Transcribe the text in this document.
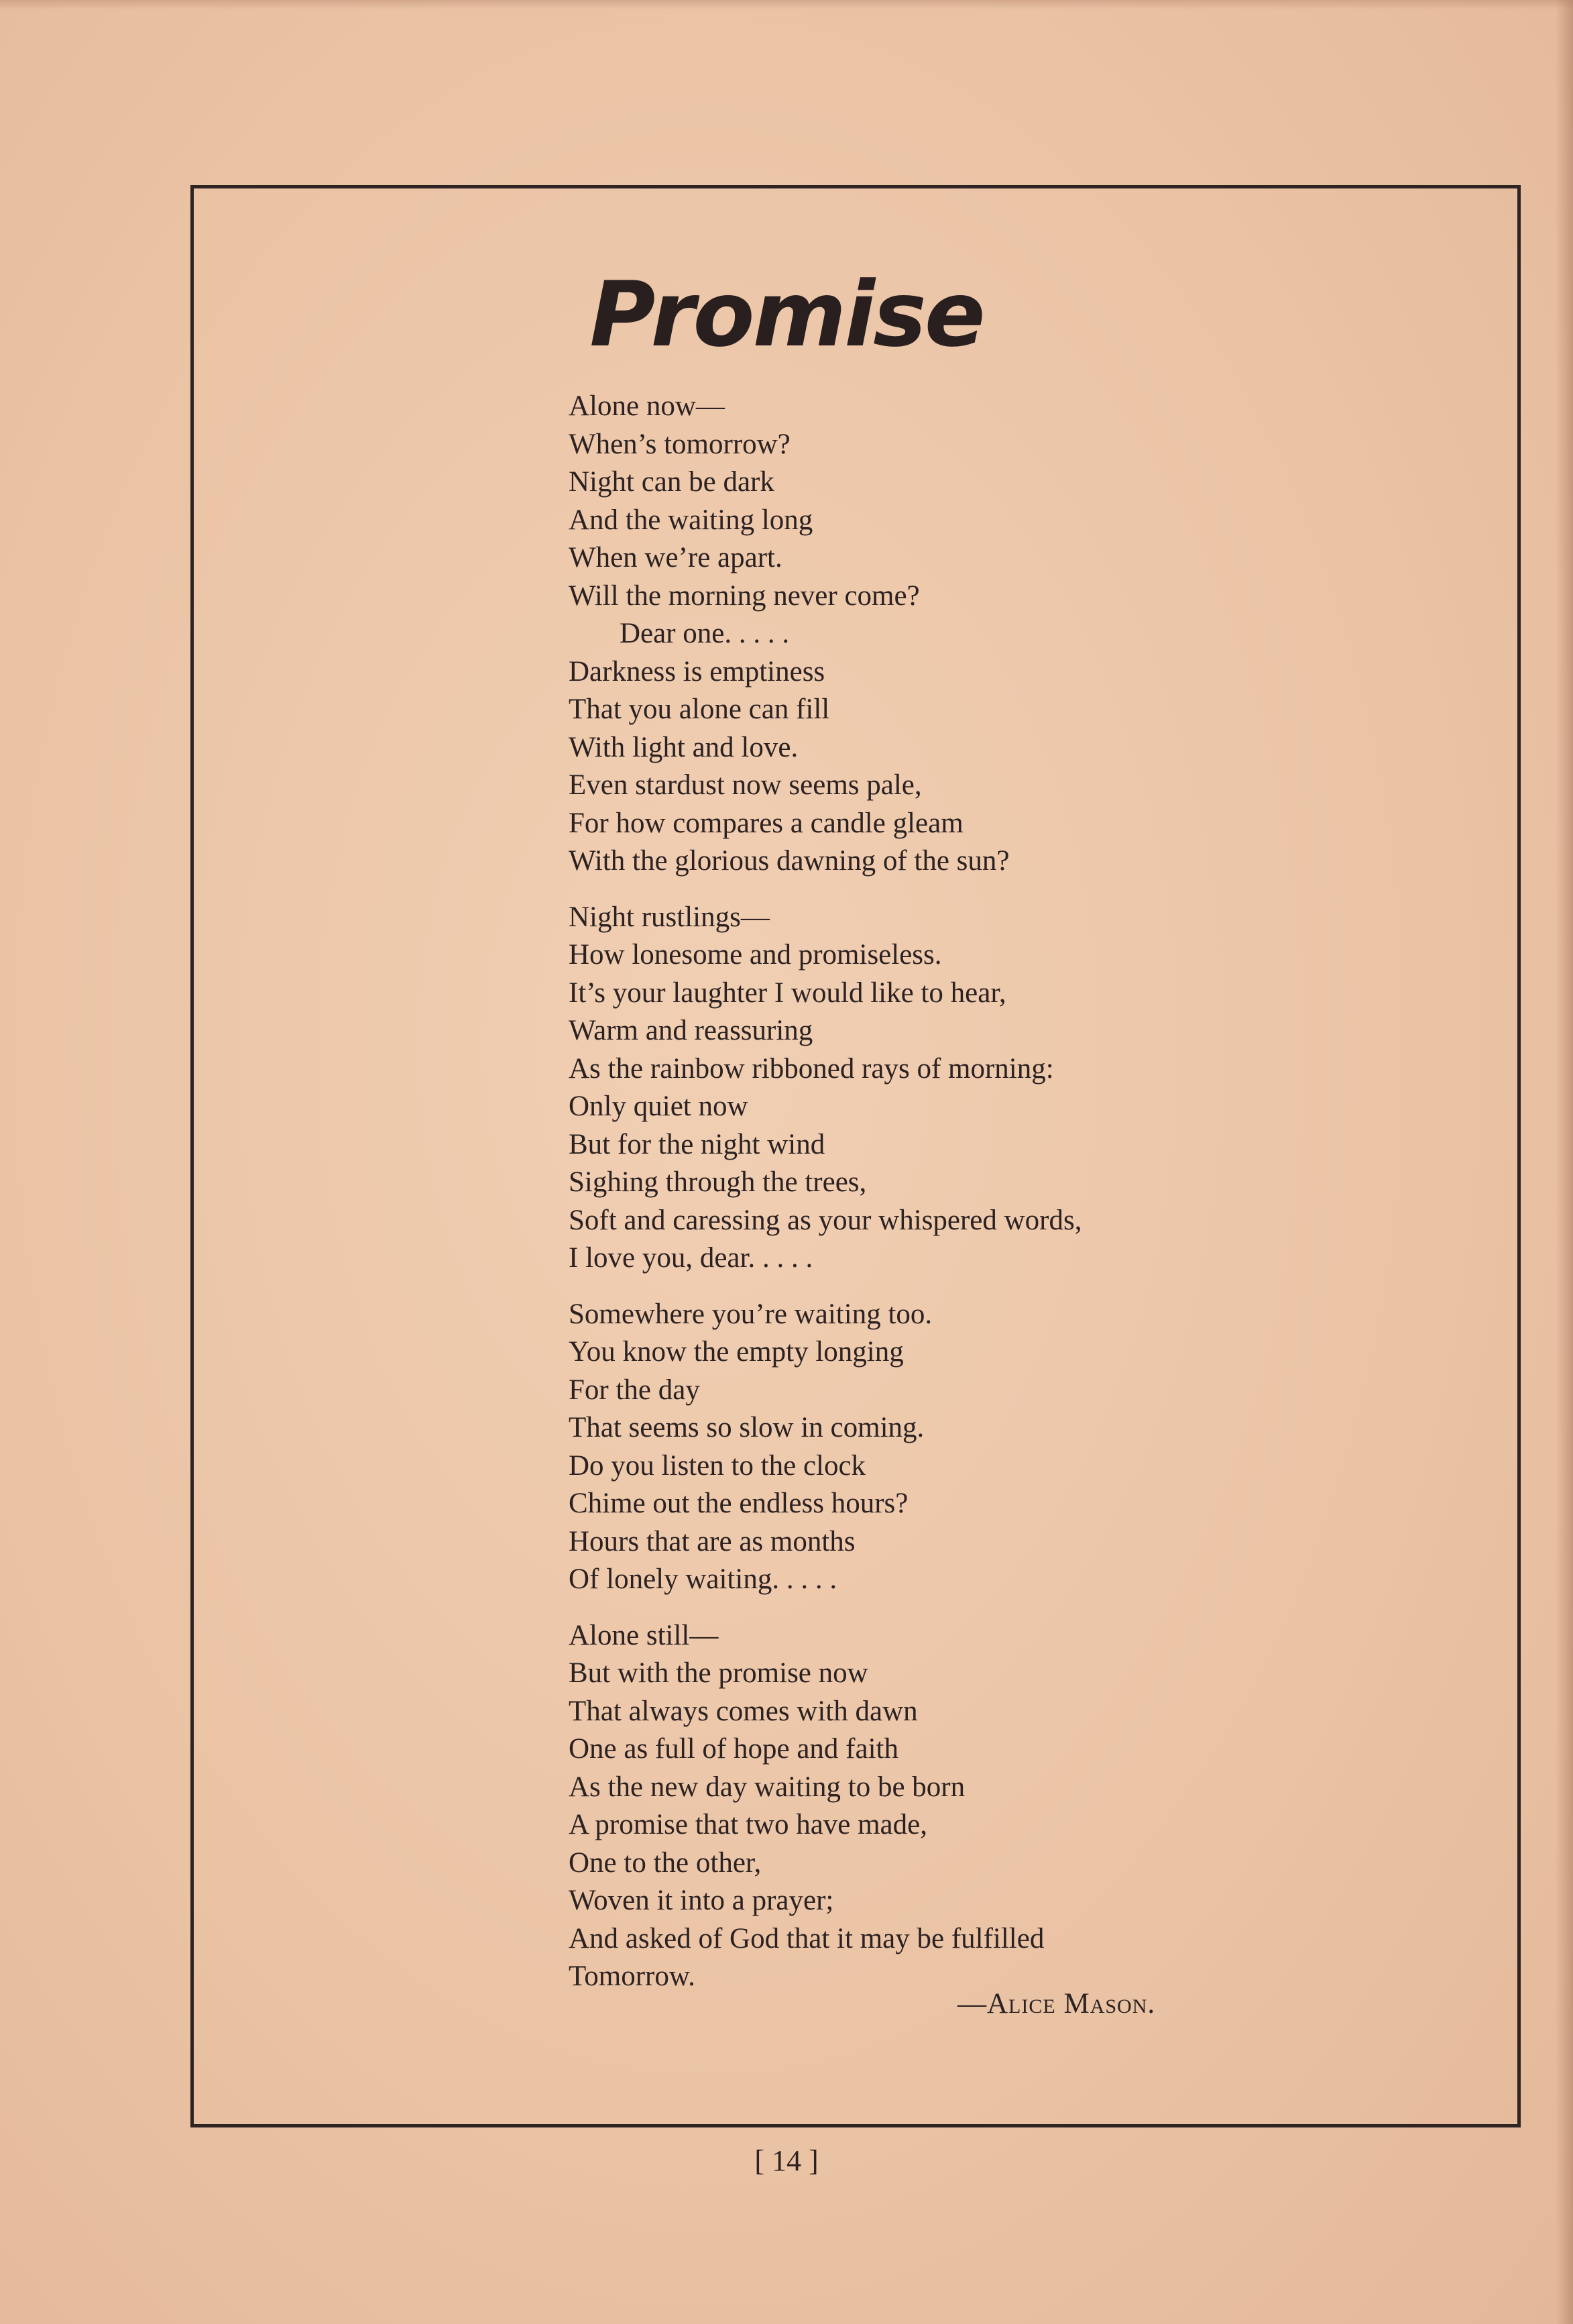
Promise
Alone now—
When’s tomorrow?
Night can be dark
And the waiting long
When we’re apart.
Will the morning never come?
Dear one. . . . .
Darkness is emptiness
That you alone can fill
With light and love.
Even stardust now seems pale,
For how compares a candle gleam
With the glorious dawning of the sun?
Night rustlings—
How lonesome and promiseless.
It’s your laughter I would like to hear,
Warm and reassuring
As the rainbow ribboned rays of morning:
Only quiet now
But for the night wind
Sighing through the trees,
Soft and caressing as your whispered words,
I love you, dear. . . . .
Somewhere you’re waiting too.
You know the empty longing
For the day
That seems so slow in coming.
Do you listen to the clock
Chime out the endless hours?
Hours that are as months
Of lonely waiting. . . . .
Alone still—
But with the promise now
That always comes with dawn
One as full of hope and faith
As the new day waiting to be born
A promise that two have made,
One to the other,
Woven it into a prayer;
And asked of God that it may be fulfilled
Tomorrow.
—Alice Mason.
[ 14 ]
